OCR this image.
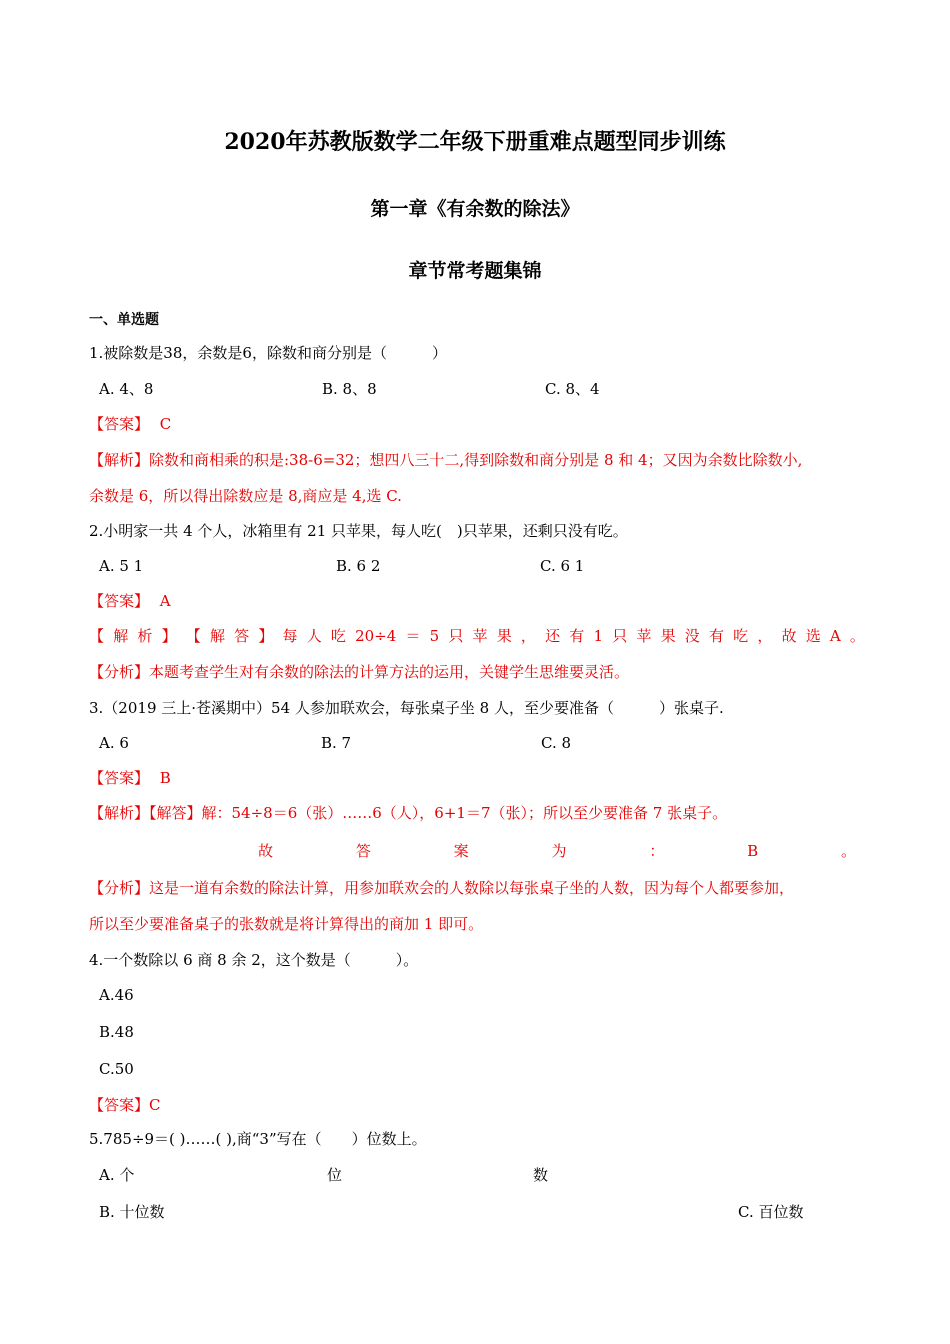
2020年苏教版数学二年级下册重难点题型同步训练
第一章《有余数的除法》
章节常考题集锦
一、单选题
1.被除数是38，余数是6，除数和商分别是（　　　）
A. 4、8	B. 8、8	C. 8、4
【答案】 C
【解析】除数和商相乘的积是:38-6=32；想四八三十二,得到除数和商分别是 8 和 4；又因为余数比除数小,
余数是 6，所以得出除数应是 8,商应是 4,选 C.
2.小明家一共 4 个人，冰箱里有 21 只苹果，每人吃(　)只苹果，还剩只没有吃。
A. 5 1	B. 6 2	C. 6 1
【答案】 A
【 解 析 】 【 解 答 】 每 人 吃 20÷4 ＝ 5 只 苹 果 ， 还 有 1 只 苹 果 没 有 吃 ， 故 选 A 。
【分析】本题考查学生对有余数的除法的计算方法的运用，关键学生思维要灵活。
3.（2019 三上·苍溪期中）54 人参加联欢会，每张桌子坐 8 人，至少要准备（　　　）张桌子.
A. 6	B. 7	C. 8
【答案】 B
【解析】【解答】解：54÷8＝6（张）……6（人），6+1＝7（张）；所以至少要准备 7 张桌子。
故	答	案	为	：	B	。
【分析】这是一道有余数的除法计算，用参加联欢会的人数除以每张桌子坐的人数，因为每个人都要参加，
所以至少要准备桌子的张数就是将计算得出的商加 1 即可。
4.一个数除以 6 商 8 余 2，这个数是（　　　）。
A.46
B.48
C.50
【答案】C
5.785÷9＝( )……( ),商“3”写在（　　）位数上。
A. 个	位	数
B. 十位数	C. 百位数
